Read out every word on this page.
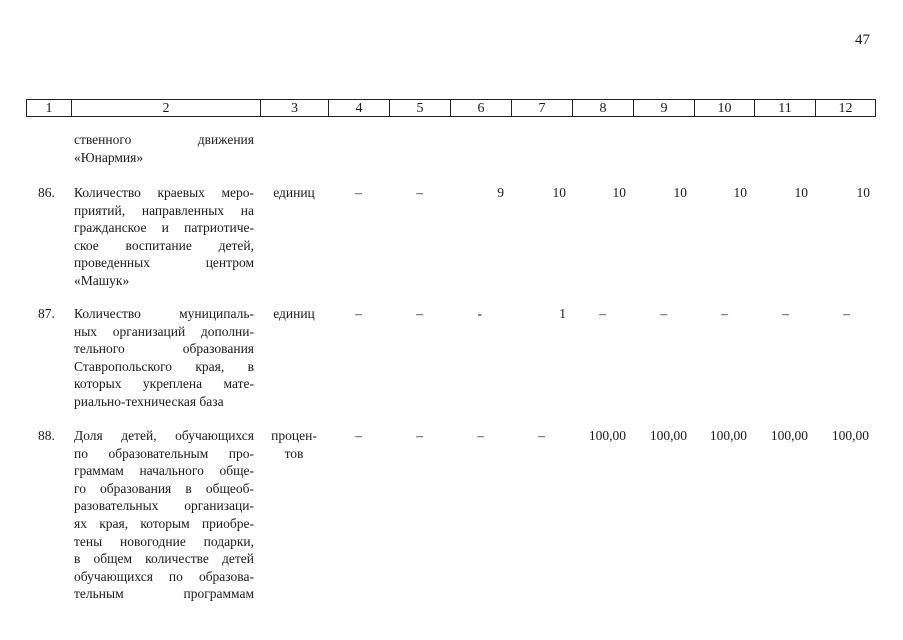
47
1	2	3	4	5	6	7	8	9	10	11	12
ственного движения
«Юнармия»
86. Количество краевых меро-
приятий, направленных на
гражданское и патриотиче-
ское воспитание детей,
проведенных центром
«Машук»
единиц	–	–	9	10	10	10	10	10	10
87. Количество муниципаль-
ных организаций дополни-
тельного образования
Ставропольского края, в
которых укреплена мате-
риально-техническая база
единиц	–	–	-	1	–	–	–	–	–
88. Доля детей, обучающихся
по образовательным про-
граммам начального обще-
го образования в общеоб-
разовательных организаци-
ях края, которым приобре-
тены новогодние подарки,
в общем количестве детей
обучающихся по образова-
тельным программам
процен-
тов
–	–	–	–	100,00	100,00	100,00	100,00	100,00
